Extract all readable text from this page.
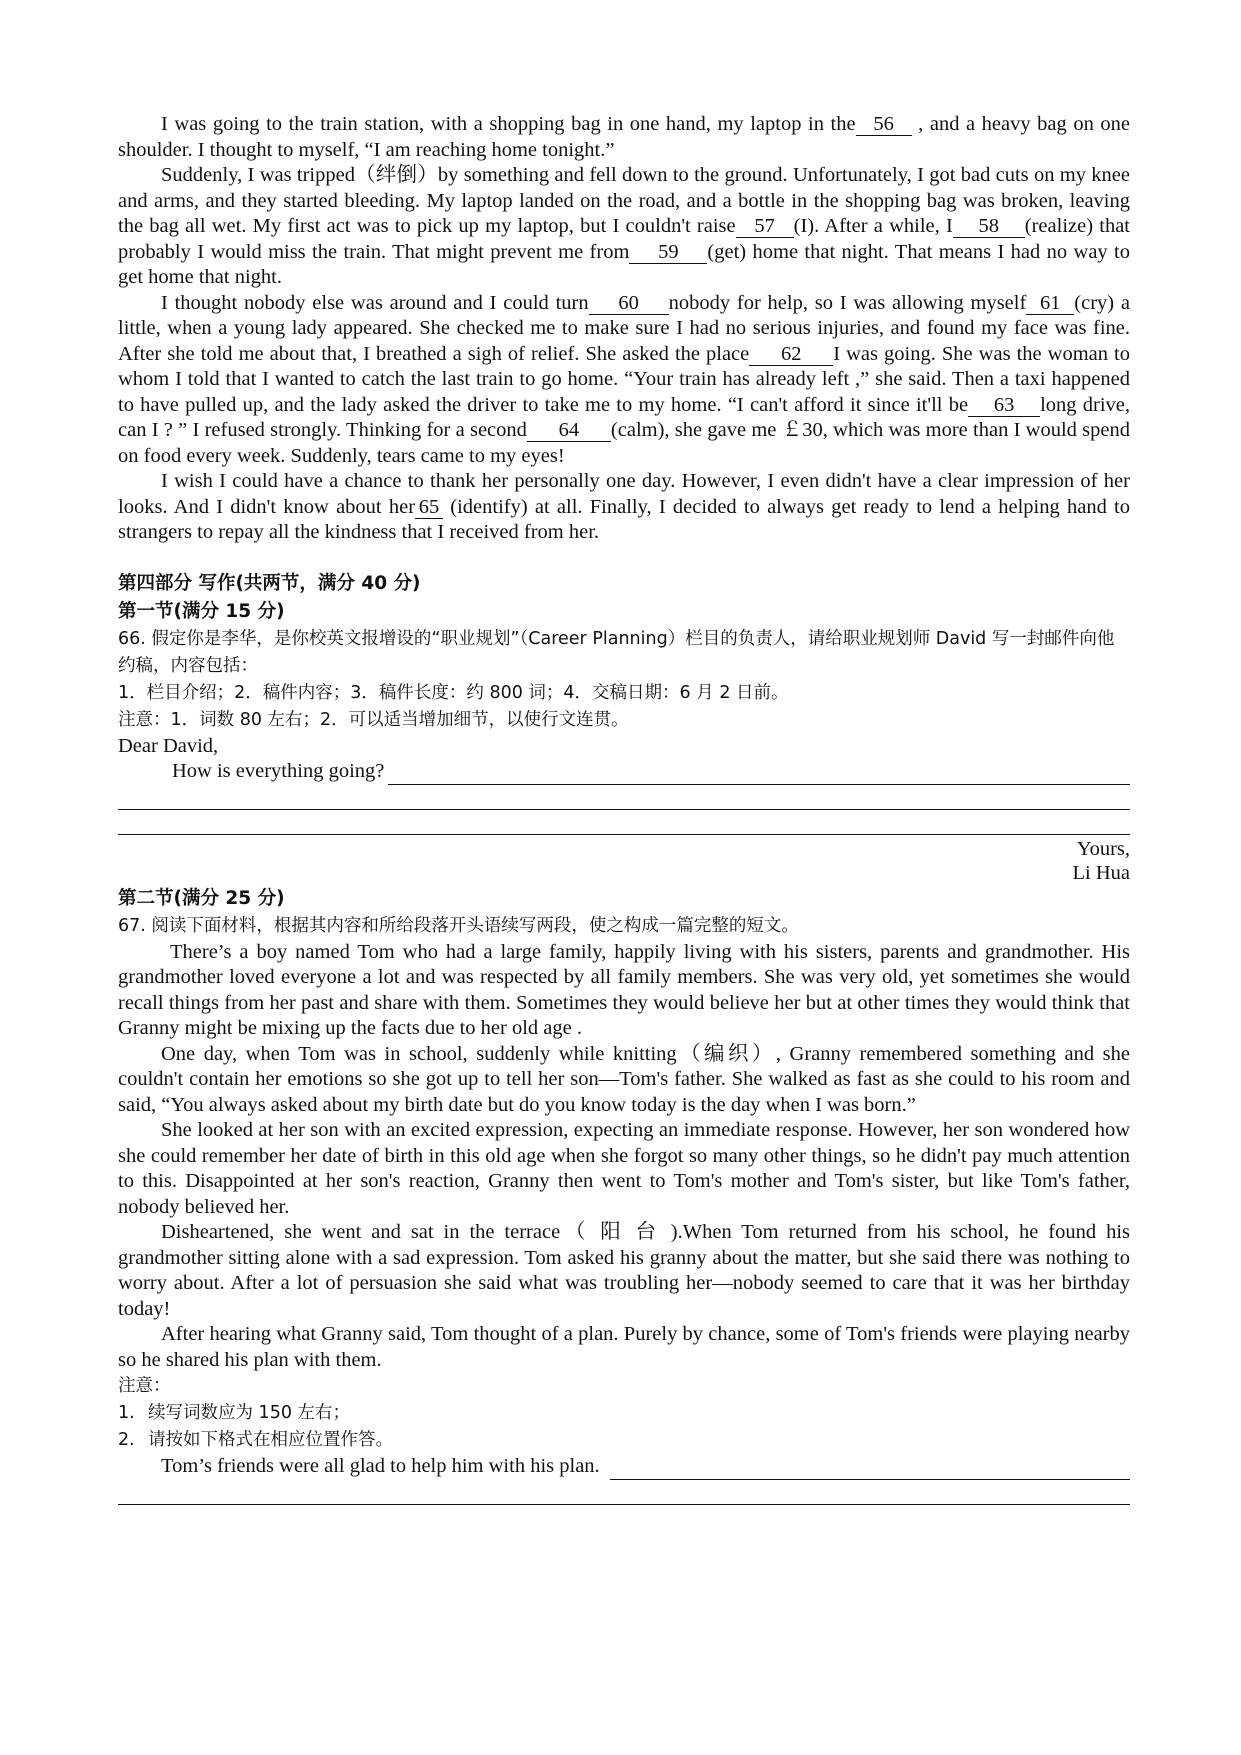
I was going to the train station, with a shopping bag in one hand, my laptop in the 56 , and a heavy bag on one shoulder. I thought to myself, “I am reaching home tonight.”

Suddenly, I was tripped（绊倒）by something and fell down to the ground. Unfortunately, I got bad cuts on my knee and arms, and they started bleeding. My laptop landed on the road, and a bottle in the shopping bag was broken, leaving the bag all wet. My first act was to pick up my laptop, but I couldn't raise 57 (I). After a while, I 58 (realize) that probably I would miss the train. That might prevent me from 59 (get) home that night. That means I had no way to get home that night.

I thought nobody else was around and I could turn 60 nobody for help, so I was allowing myself 61 (cry) a little, when a young lady appeared. She checked me to make sure I had no serious injuries, and found my face was fine. After she told me about that, I breathed a sigh of relief. She asked the place 62 I was going. She was the woman to whom I told that I wanted to catch the last train to go home. “Your train has already left ,” she said. Then a taxi happened to have pulled up, and the lady asked the driver to take me to my home. “I can't afford it since it'll be 63 long drive, can I ? ” I refused strongly. Thinking for a second 64 (calm), she gave me ￡30, which was more than I would spend on food every week. Suddenly, tears came to my eyes!

I wish I could have a chance to thank her personally one day. However, I even didn't have a clear impression of her looks. And I didn't know about her 65 (identify) at all. Finally, I decided to always get ready to lend a helping hand to strangers to repay all the kindness that I received from her.

第四部分 写作(共两节，满分 40 分)
第一节(满分 15 分)
66. 假定你是李华，是你校英文报增设的“职业规划”（Career Planning）栏目的负责人，请给职业规划师 David 写一封邮件向他约稿，内容包括：
1．栏目介绍；2．稿件内容；3．稿件长度：约 800 词；4．交稿日期：6 月 2 日前。
注意：1．词数 80 左右；2．可以适当增加细节，以使行文连贯。
Dear David,
How is everything going?
Yours,
Li Hua
第二节(满分 25 分)
67. 阅读下面材料，根据其内容和所给段落开头语续写两段，使之构成一篇完整的短文。

There’s a boy named Tom who had a large family, happily living with his sisters, parents and grandmother. His grandmother loved everyone a lot and was respected by all family members. She was very old, yet sometimes she would recall things from her past and share with them. Sometimes they would believe her but at other times they would think that Granny might be mixing up the facts due to her old age .

One day, when Tom was in school, suddenly while knitting（编织）, Granny remembered something and she couldn't contain her emotions so she got up to tell her son—Tom's father. She walked as fast as she could to his room and said, “You always asked about my birth date but do you know today is the day when I was born.”

She looked at her son with an excited expression, expecting an immediate response. However, her son wondered how she could remember her date of birth in this old age when she forgot so many other things, so he didn't pay much attention to this. Disappointed at her son's reaction, Granny then went to Tom's mother and Tom's sister, but like Tom's father, nobody believed her.

Disheartened, she went and sat in the terrace（ 阳 台 ).When Tom returned from his school, he found his grandmother sitting alone with a sad expression. Tom asked his granny about the matter, but she said there was nothing to worry about. After a lot of persuasion she said what was troubling her—nobody seemed to care that it was her birthday today!

After hearing what Granny said, Tom thought of a plan. Purely by chance, some of Tom's friends were playing nearby so he shared his plan with them.

注意：
1. 续写词数应为 150 左右；
2. 请按如下格式在相应位置作答。
Tom’s friends were all glad to help him with his plan.
